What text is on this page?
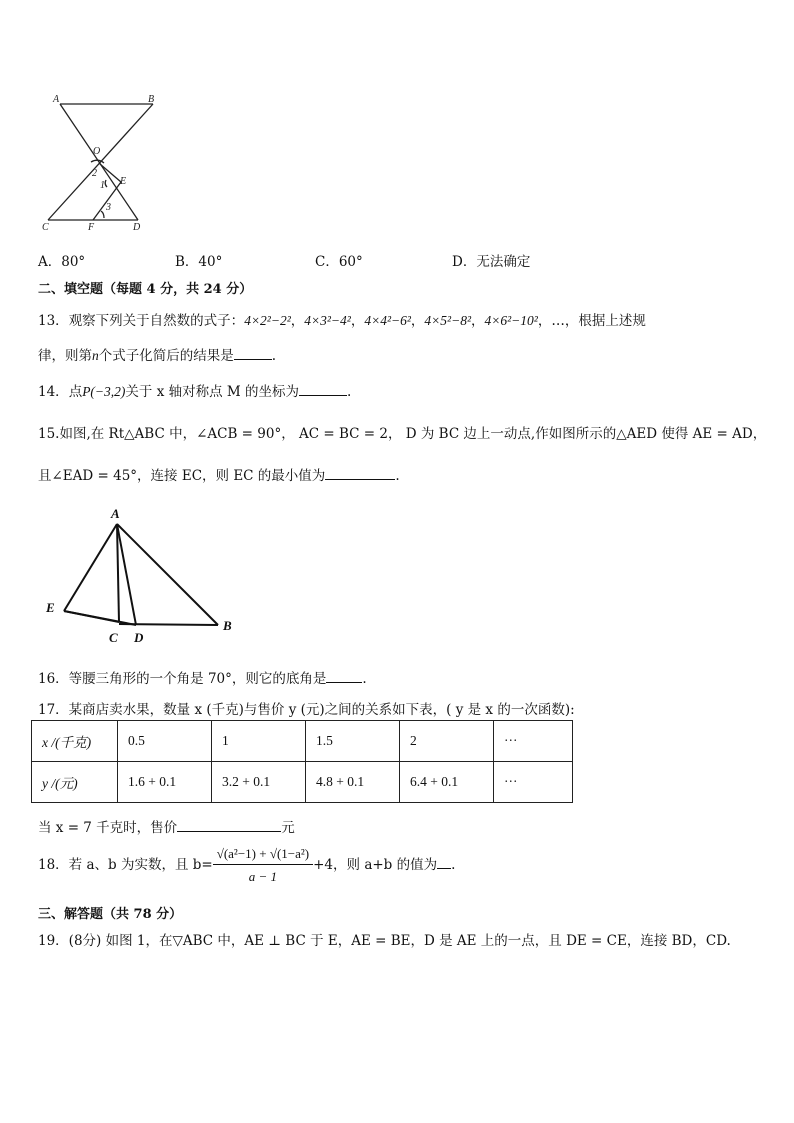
A	B
O
2
1 E
3
C	F	D
A．80°	B．40°	C．60°	D．无法确定
二、填空题（每题 4 分，共 24 分）
13．观察下列关于自然数的式子：4×2²−2²，4×3²−4²，4×4²−6²，4×5²−8²，4×6²−10²，…，根据上述规
律，则第n个式子化简后的结果是	.
14．点P(−3,2)关于 x 轴对称点 M 的坐标为	.
15.如图,在 Rt△ABC 中，∠ACB = 90°， AC = BC = 2， D 为 BC 边上一动点,作如图所示的△AED 使得 AE = AD，
且∠EAD = 45°，连接 EC，则 EC 的最小值为	.
A
E
C D
B
16．等腰三角形的一个角是 70°，则它的底角是	.
17．某商店卖水果，数量 x (千克)与售价 y (元)之间的关系如下表，( y 是 x 的一次函数):
x /(千克)	0.5	1	1.5	2	···
y /(元)	1.6 + 0.1	3.2 + 0.1	4.8 + 0.1	6.4 + 0.1	···
当 x = 7 千克时，售价	元
18．若 a、b 为实数，且 $b= \frac{\text{√(a²−1) + √(1−a²)}}{a - 1} +4$，则 a+b 的值为 .
三、解答题（共 78 分）
19．(8分) 如图 1，在▽ABC 中，AE ⊥ BC 于 E，AE = BE，D 是 AE 上的一点，且 DE = CE，连接 BD，CD.
